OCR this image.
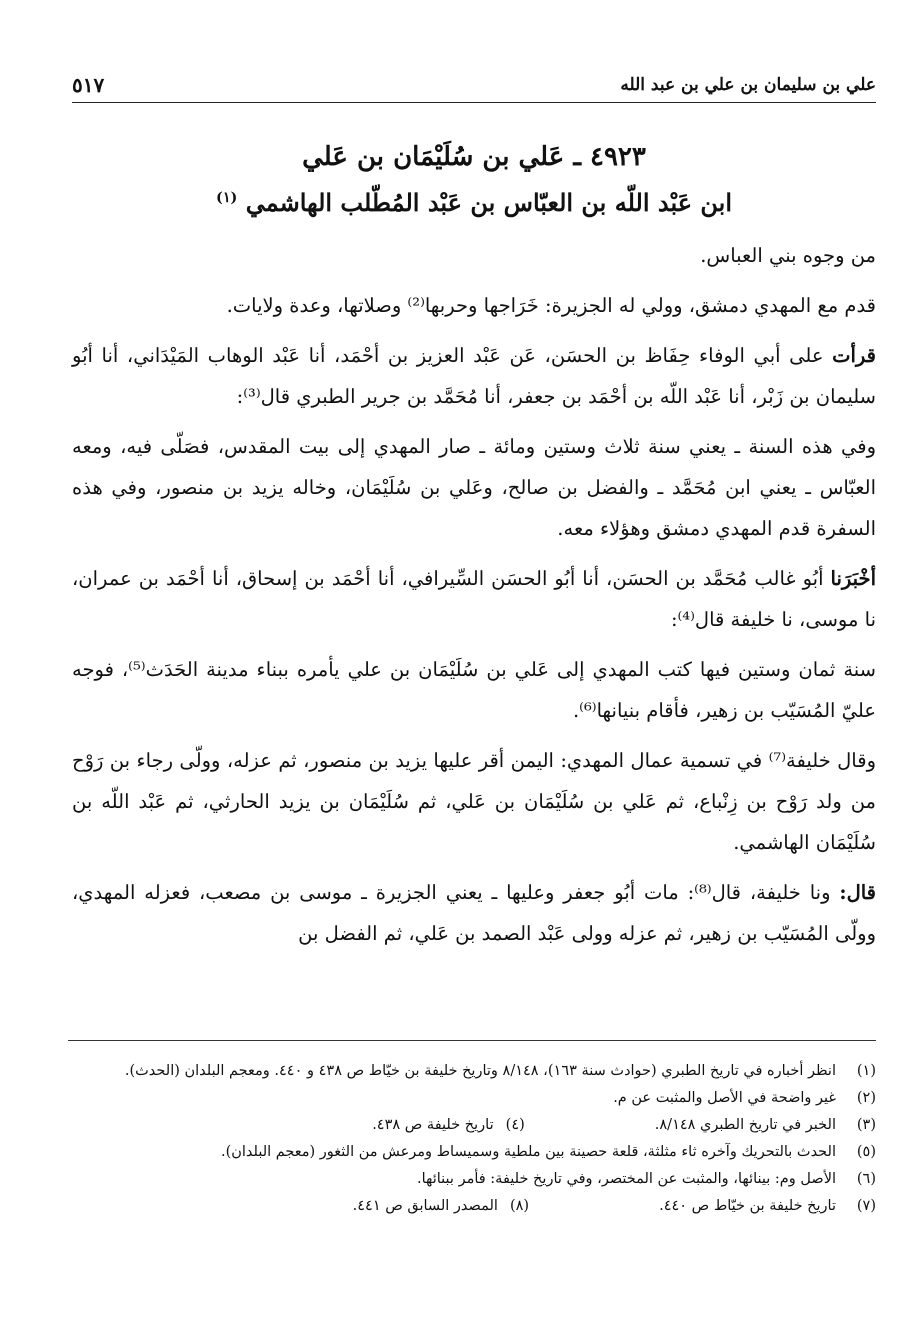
علي بن سليمان بن علي بن عبد الله
٥١٧
٤٩٢٣ ـ عَلي بن سُلَيْمَان بن عَلي
ابن عَبْد اللّه بن العبّاس بن عَبْد المُطّلب الهاشمي $^{(١)}$

من وجوه بني العباس.

قدم مع المهدي دمشق، وولي له الجزيرة: خَرَاجها وحربها⁽²⁾ وصلاتها، وعدة ولايات.

قرأت على أبي الوفاء حِفَاظ بن الحسَن، عَن عَبْد العزيز بن أحْمَد، أنا عَبْد الوهاب المَيْدَاني، أنا أبُو سليمان بن زَبْر، أنا عَبْد اللّه بن أحْمَد بن جعفر، أنا مُحَمَّد بن جرير الطبري قال⁽³⁾:

وفي هذه السنة ـ يعني سنة ثلاث وستين ومائة ـ صار المهدي إلى بيت المقدس، فصَلّى فيه، ومعه العبّاس ـ يعني ابن مُحَمَّد ـ والفضل بن صالح، وعَلي بن سُلَيْمَان، وخاله يزيد بن منصور، وفي هذه السفرة قدم المهدي دمشق وهؤلاء معه.

أخْبَرَنا أبُو غالب مُحَمَّد بن الحسَن، أنا أبُو الحسَن السِّيرافي، أنا أحْمَد بن إسحاق، أنا أحْمَد بن عمران، نا موسى، نا خليفة قال⁽⁴⁾:

سنة ثمان وستين فيها كتب المهدي إلى عَلي بن سُلَيْمَان بن علي يأمره ببناء مدينة الحَدَث⁽⁵⁾، فوجه عليّ المُسَيّب بن زهير، فأقام بنيانها⁽⁶⁾.

وقال خليفة⁽⁷⁾ في تسمية عمال المهدي: اليمن أقر عليها يزيد بن منصور، ثم عزله، وولّى رجاء بن رَوْح من ولد رَوْح بن زِنْباع، ثم عَلي بن سُلَيْمَان بن عَلي، ثم سُلَيْمَان بن يزيد الحارثي، ثم عَبْد اللّه بن سُلَيْمَان الهاشمي.

قال: ونا خليفة، قال⁽⁸⁾: مات أبُو جعفر وعليها ـ يعني الجزيرة ـ موسى بن مصعب، فعزله المهدي، وولّى المُسَيّب بن زهير، ثم عزله وولى عَبْد الصمد بن عَلي، ثم الفضل بن

(١)
انظر أخباره في تاريخ الطبري (حوادث سنة ١٦٣)، ٨/١٤٨ وتاريخ خليفة بن خيّاط ص ٤٣٨ و ٤٤٠. ومعجم البلدان (الحدث).
(٢)
غير واضحة في الأصل والمثبت عن م.
(٣)
الخبر في تاريخ الطبري ٨/١٤٨.
(٤)
تاريخ خليفة ص ٤٣٨.
(٥)
الحدث بالتحريك وآخره ثاء مثلثة، قلعة حصينة بين ملطية وسميساط ومرعش من الثغور (معجم البلدان).
(٦)
الأصل وم: بينائها، والمثبت عن المختصر، وفي تاريخ خليفة: فأمر ببنائها.
(٧)
تاريخ خليفة بن خيّاط ص ٤٤٠.
(٨)
المصدر السابق ص ٤٤١.
